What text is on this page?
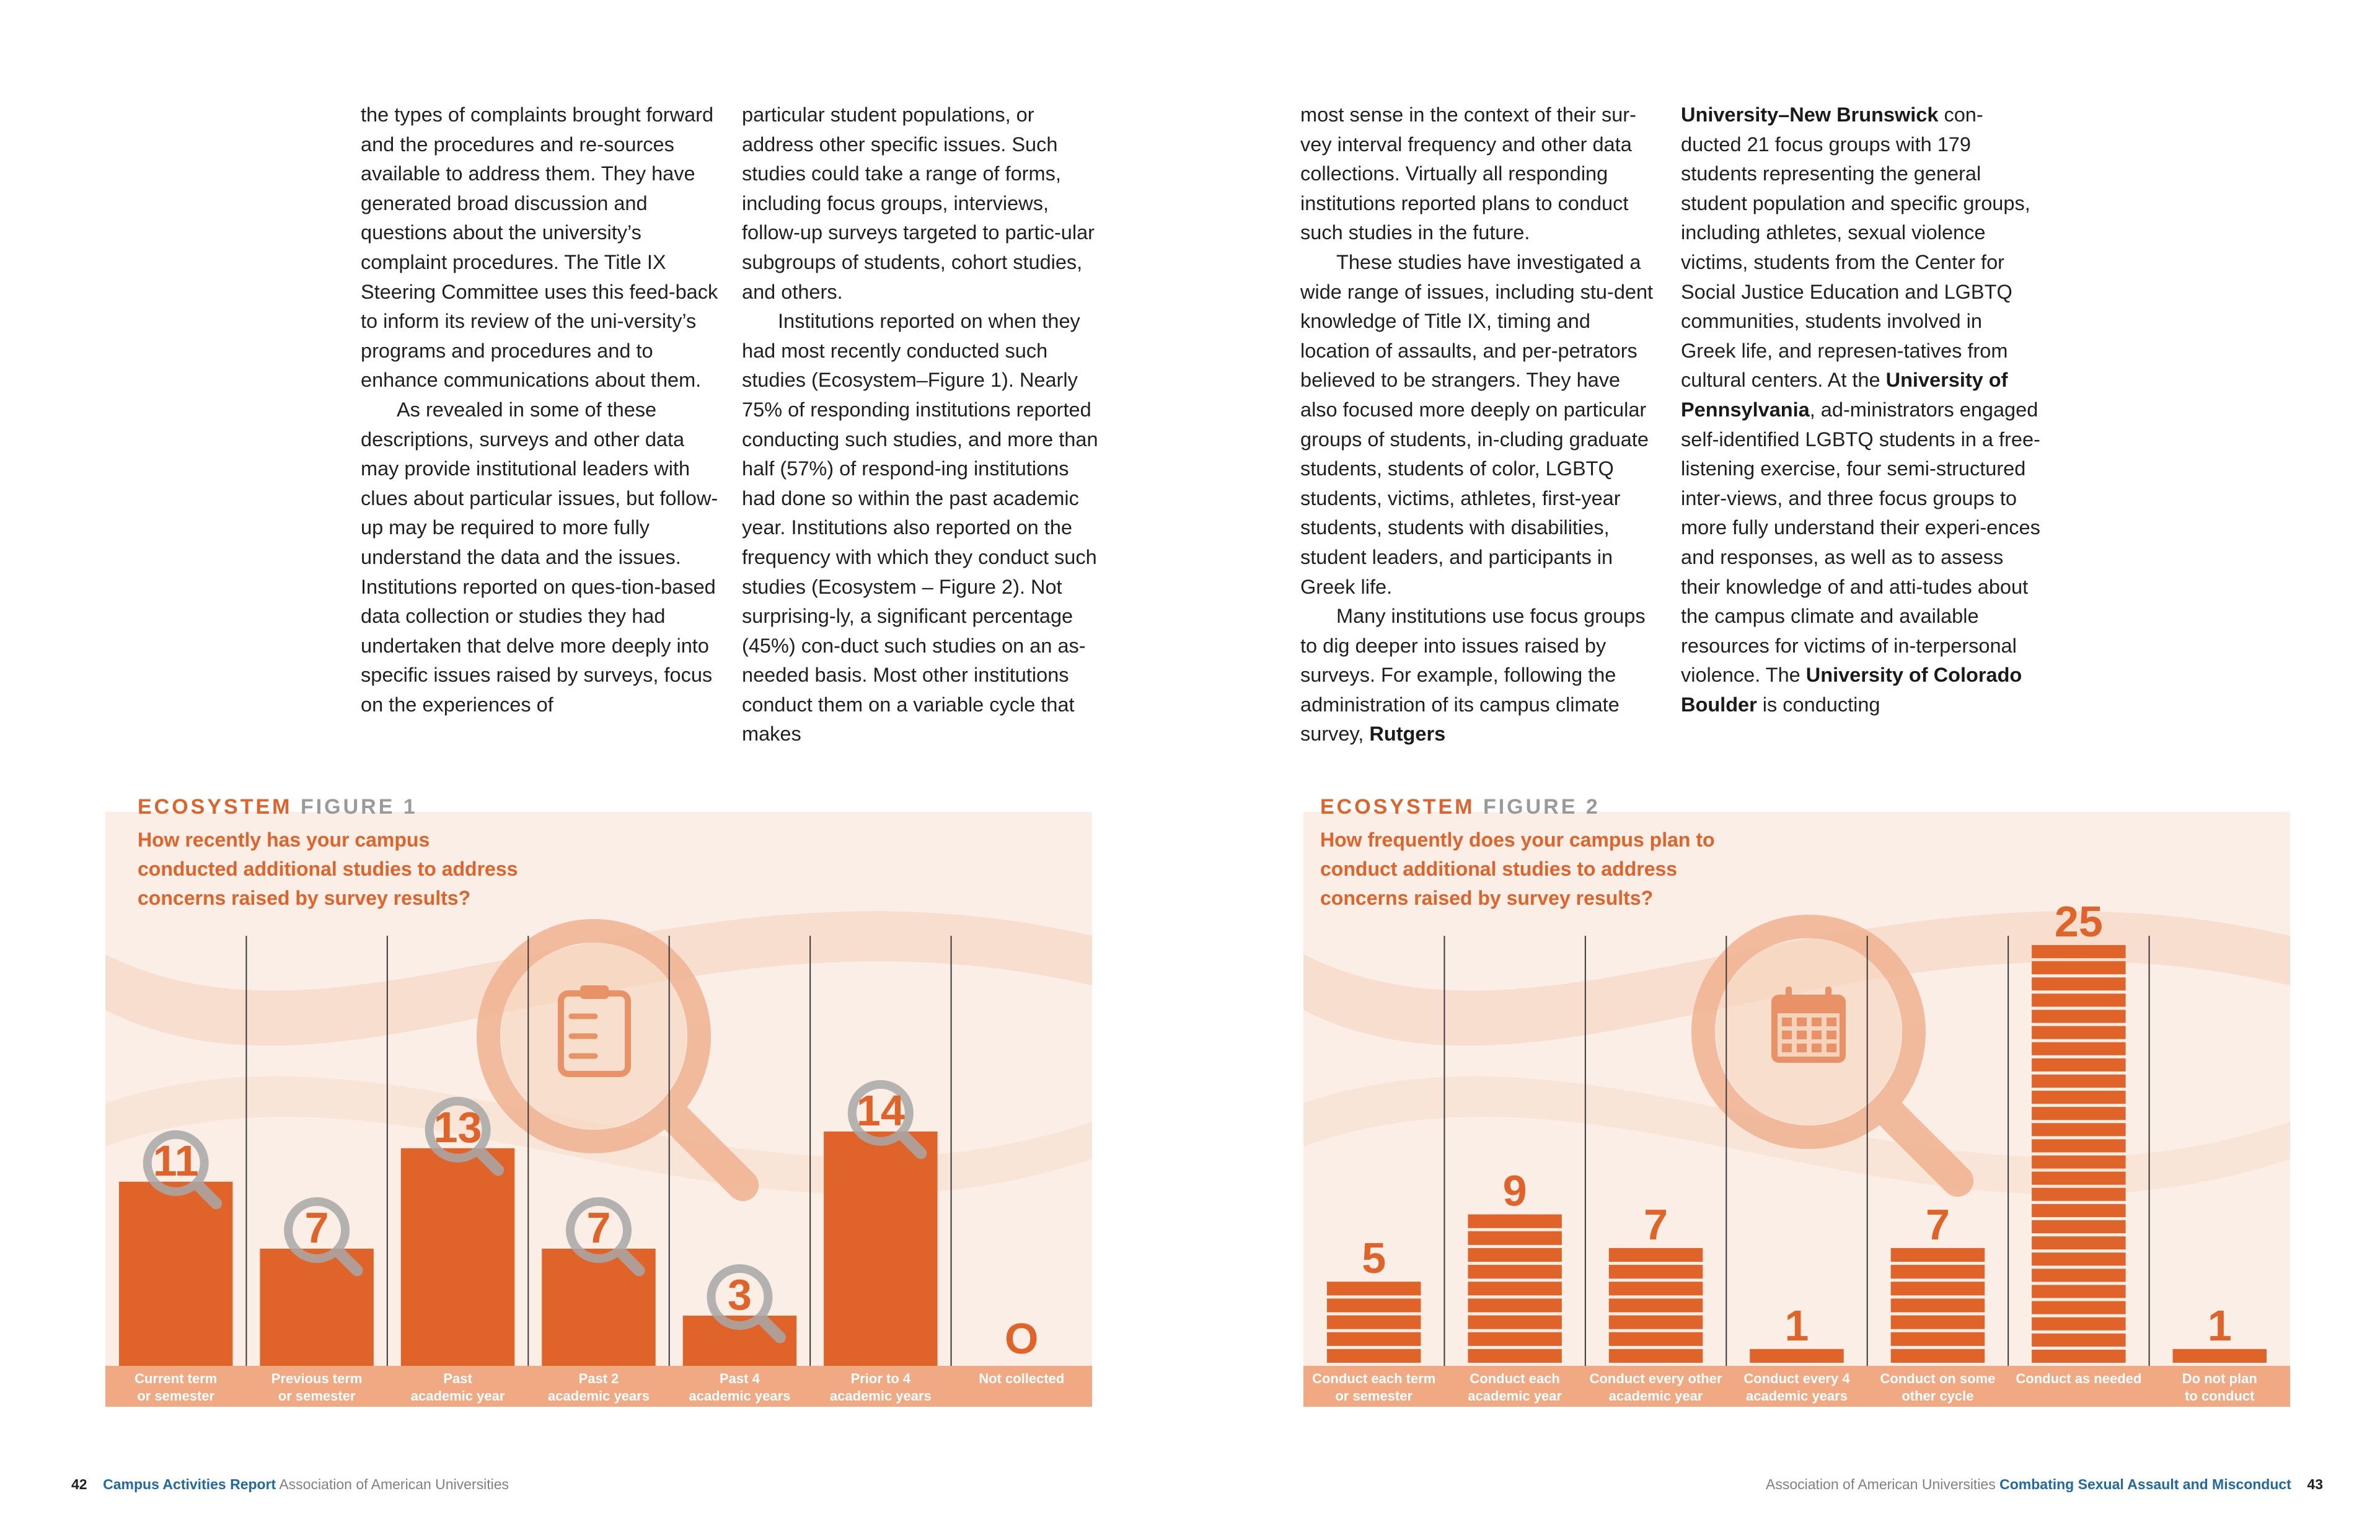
the types of complaints brought forward and the procedures and re-sources available to address them. They have generated broad discussion and questions about the university’s complaint procedures. The Title IX Steering Committee uses this feed-back to inform its review of the uni-versity’s programs and procedures and to enhance communications about them.

As revealed in some of these descriptions, surveys and other data may provide institutional leaders with clues about particular issues, but follow-up may be required to more fully understand the data and the issues. Institutions reported on ques-tion-based data collection or studies they had undertaken that delve more deeply into specific issues raised by surveys, focus on the experiences of

particular student populations, or address other specific issues. Such studies could take a range of forms, including focus groups, interviews, follow-up surveys targeted to partic-ular subgroups of students, cohort studies, and others.

Institutions reported on when they had most recently conducted such studies (Ecosystem–Figure 1). Nearly 75% of responding institutions reported conducting such studies, and more than half (57%) of respond-ing institutions had done so within the past academic year. Institutions also reported on the frequency with which they conduct such studies (Ecosystem – Figure 2). Not surprising-ly, a significant percentage (45%) con-duct such studies on an as-needed basis. Most other institutions conduct them on a variable cycle that makes

most sense in the context of their sur-vey interval frequency and other data collections. Virtually all responding institutions reported plans to conduct such studies in the future.

These studies have investigated a wide range of issues, including stu-dent knowledge of Title IX, timing and location of assaults, and per-petrators believed to be strangers. They have also focused more deeply on particular groups of students, in-cluding graduate students, students of color, LGBTQ students, victims, athletes, first-year students, students with disabilities, student leaders, and participants in Greek life.

Many institutions use focus groups to dig deeper into issues raised by surveys. For example, following the administration of its campus climate survey, Rutgers

University–New Brunswick con-ducted 21 focus groups with 179 students representing the general student population and specific groups, including athletes, sexual violence victims, students from the Center for Social Justice Education and LGBTQ communities, students involved in Greek life, and represen-tatives from cultural centers. At the University of Pennsylvania, ad-ministrators engaged self-identified LGBTQ students in a free-listening exercise, four semi-structured inter-views, and three focus groups to more fully understand their experi-ences and responses, as well as to assess their knowledge of and atti-tudes about the campus climate and available resources for victims of in-terpersonal violence. The University of Colorado Boulder is conducting

11
7
13
7
3
14
O
Current term or semester
Previous term or semester
Past academic year
Past 2 academic years
Past 4 academic years
Prior to 4 academic years
Not collected
ECOSYSTEM FIGURE 1
How recently has your campus conducted additional studies to address concerns raised by survey results?
5
9
7
1
7
25
1
Conduct each term or semester
Conduct each academic year
Conduct every other academic year
Conduct every 4 academic years
Conduct on some other cycle
Conduct as needed	Do not plan to conduct
ECOSYSTEM FIGURE 2
How frequently does your campus plan to conduct additional studies to address concerns raised by survey results?
42 Campus Activities Report Association of American Universities	Association of American Universities Combating Sexual Assault and Misconduct 43
